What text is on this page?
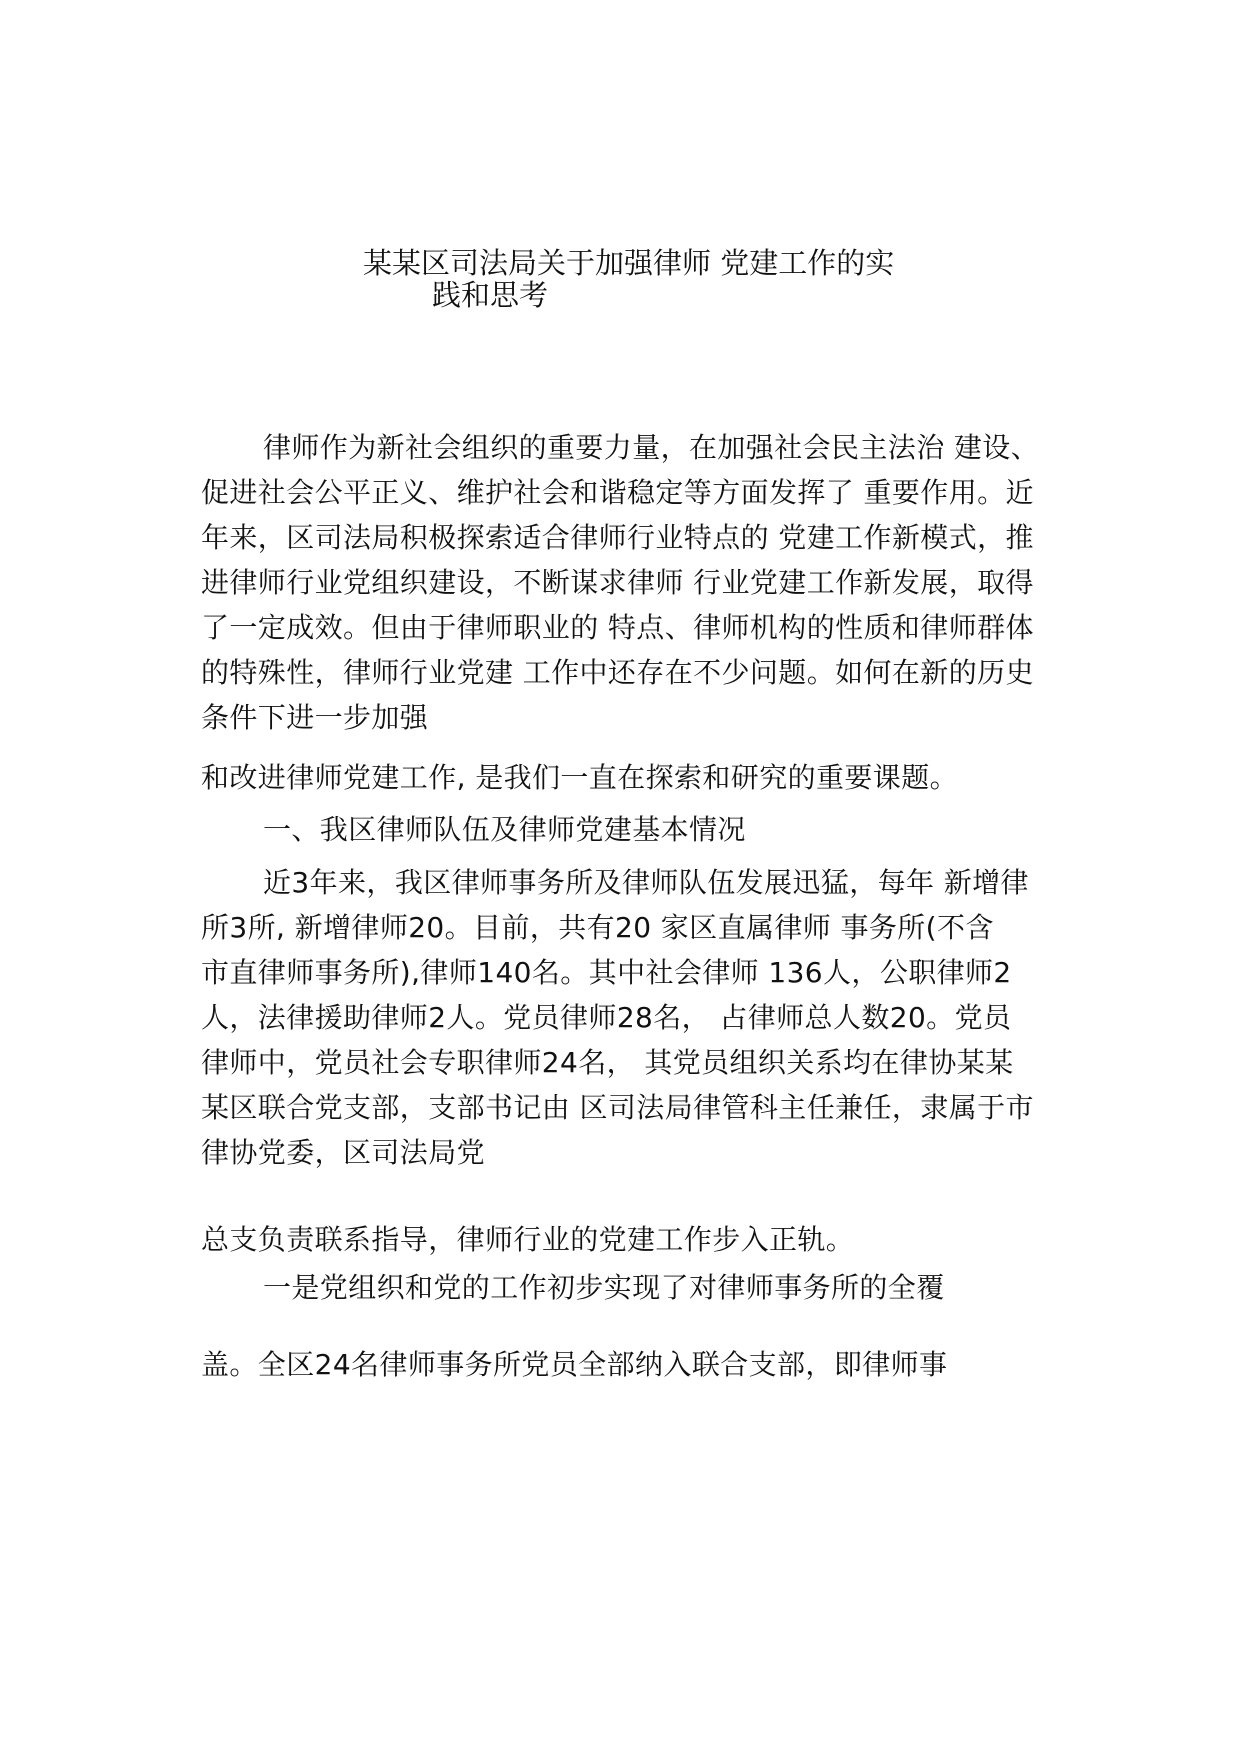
某某区司法局关于加强律师 党建工作的实
践和思考
律师作为新社会组织的重要力量，在加强社会民主法治 建设、
促进社会公平正义、维护社会和谐稳定等方面发挥了 重要作用。近
年来，区司法局积极探索适合律师行业特点的 党建工作新模式，推
进律师行业党组织建设，不断谋求律师 行业党建工作新发展，取得
了一定成效。但由于律师职业的 特点、律师机构的性质和律师群体
的特殊性，律师行业党建 工作中还存在不少问题。如何在新的历史
条件下进一步加强
和改进律师党建工作, 是我们一直在探索和研究的重要课题。
一、我区律师队伍及律师党建基本情况
近3年来，我区律师事务所及律师队伍发展迅猛，每年 新增律
所3所, 新增律师20。目前，共有20 家区直属律师 事务所(不含
市直律师事务所),律师140名。其中社会律师 136人，公职律师2
人，法律援助律师2人。党员律师28名， 占律师总人数20。党员
律师中，党员社会专职律师24名， 其党员组织关系均在律协某某
某区联合党支部，支部书记由 区司法局律管科主任兼任，隶属于市
律协党委，区司法局党
总支负责联系指导，律师行业的党建工作步入正轨。
一是党组织和党的工作初步实现了对律师事务所的全覆
盖。全区24名律师事务所党员全部纳入联合支部，即律师事
